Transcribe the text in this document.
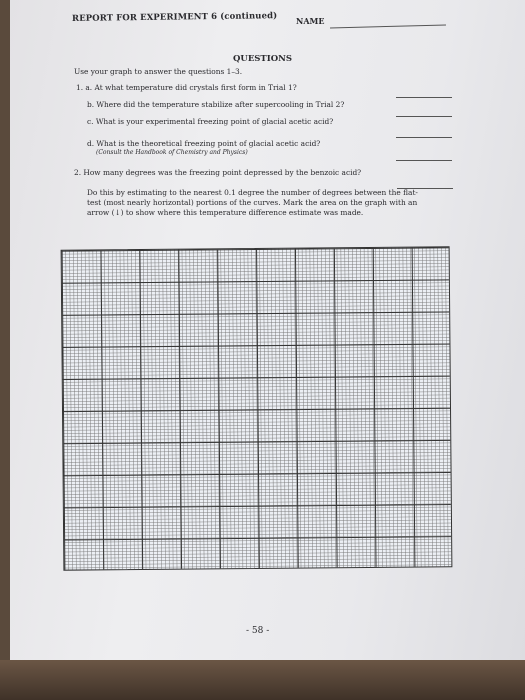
REPORT FOR EXPERIMENT 6 (continued) NAME
QUESTIONS
Use your graph to answer the questions 1–3.
1. a. At what temperature did crystals first form in Trial 1?
b. Where did the temperature stabilize after supercooling in Trial 2?
c. What is your experimental freezing point of glacial acetic acid?
d. What is the theoretical freezing point of glacial acetic acid?
(Consult the Handbook of Chemistry and Physics)
2. How many degrees was the freezing point depressed by the benzoic acid?
Do this by estimating to the nearest 0.1 degree the number of degrees between the flat-
test (most nearly horizontal) portions of the curves. Mark the area on the graph with an
arrow (↓) to show where this temperature difference estimate was made.
- 58 -
